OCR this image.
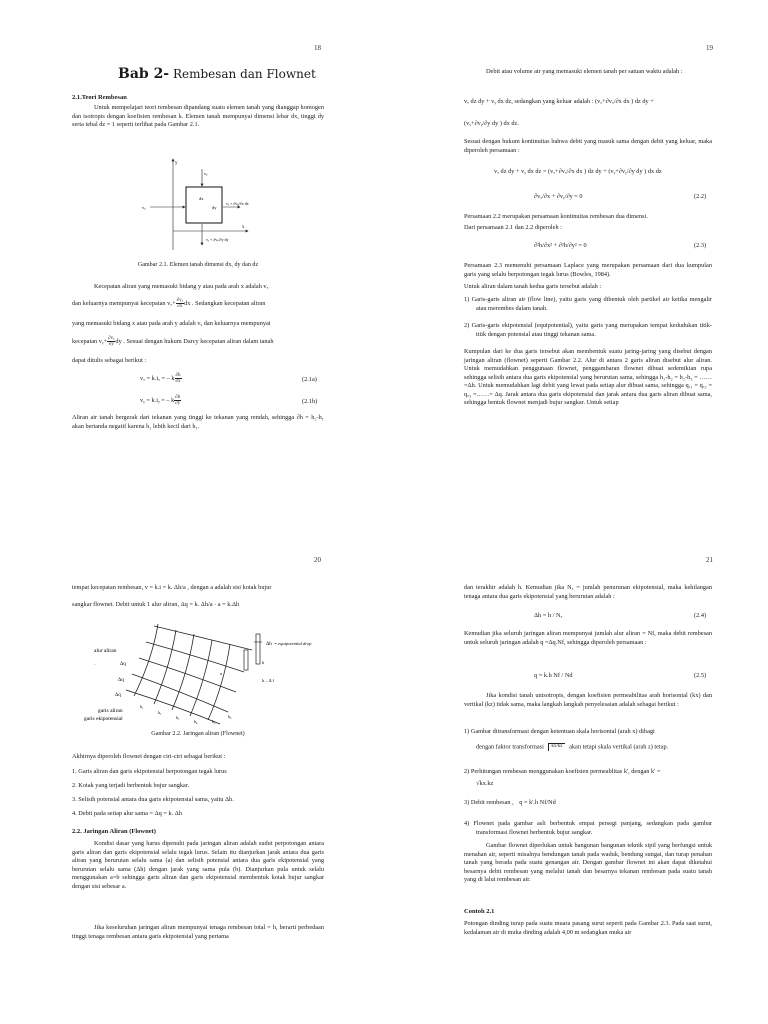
18
Bab 2- Rembesan dan Flownet
2.1.Teori Rembesan
Untuk mempelajari teori rembesan dipandang suatu elemen tanah yang dianggap homogen dan isotropis dengan koefisien rembesan k. Elemen tanah mempunyai dimensi lebar dx, tinggi dy serta tebal dz = 1 seperti terlihat pada Gambar 2.1.
y
vᵧ
vₓ
dx
dy
x
vₓ + ∂vₓ/∂x dx
vᵧ + ∂vᵧ/∂y dy
Gambar 2.1. Elemen tanah dimensi dx, dy dan dz
Kecepatan aliran yang memasuki bidang y atau pada arah x adalah vₓ
dan keluarnya mempunyai kecepatan $v_x+ \frac{\text{∂vₓ}}{\partial x}$ dx . Sedangkan kecepatan aliran
yang memasuki bidang x atau pada arah y adalah vᵧ dan keluarnya mempunyai
kecepatan vᵧ+ $\frac{\text{∂vᵧ}}{\partial y}$ dy . Sesuai dengan hukum Darcy kecepatan aliran dalam tanah
dapat ditulis sebagai berikut :
vₓ = k.iₓ = – k $\frac{\partial h}{\partial x}$	(2.1a)
vᵧ = k.iᵧ = – k $\frac{\partial h}{\partial y}$	(2.1b)
Aliran air tanah bergerak dari tekanan yang tinggi ke tekanan yang rendah, sehingga ∂h = h₂-h₁ akan bertanda negatif karena h₂ lebih kecil dari h₁.
19
Debit atau volume air yang memasuki elemen tanah per satuan waktu adalah :
vₓ dz dy + vᵧ dx dz, sedangkan yang keluar adalah : (vₓ+∂vₓ/∂x dx ) dz dy +
(vᵧ+∂vᵧ/∂y dy ) dx dz.
Sesuai dengan hukum kontinuitas bahwa debit yang masuk sama dengan debit yang keluar, maka diperoleh persamaan :
vₓ dz dy + vᵧ dx dz = (vₓ+∂vₓ/∂x dx ) dz dy + (vᵧ+∂vᵧ/∂y dy ) dx dz
∂vₓ/∂x + ∂vᵧ/∂y = 0	(2.2)
Persamaan 2.2 merupakan persamaan kontinuitas rembesan dua dimensi.
Dari persamaan 2.1 dan 2.2 diperoleh :
∂²h/∂x² + ∂²h/∂y² = 0	(2.3)
Persamaan 2.3 memenuhi persamaan Laplace yang merupakan persamaan dari dua kumpulan garis yang selalu berpotongan tegak lurus (Bowles, 1984).
Untuk aliran dalam tanah kedua garis tersebut adalah :
1) Garis-garis aliran air (flow line), yaitu garis yang dibentuk oleh partikel air ketika mengalir atau merembes dalam tanah.
2) Garis-garis ekipotensial (equipotential), yaitu garis yang merupakan tempat kedudukan titik-titik dengan potensial atau tinggi tekanan sama.
Kumpulan dari ke dua garis tersebut akan membentuk suatu jaring-jaring yang disebut dengan jaringan aliran (flownet) seperti Gambar 2.2. Alur di antara 2 garis aliran disebut alur aliran. Untuk memudahkan penggunaan flownet, penggambaran flownet dibuat sedemikian rupa sehingga selisih antara dua garis ekipotensial yang berurutan sama, sehingga h₁-h₂ = h₂-h₃ = ……=Δh. Untuk memudahkan lagi debit yang lewat pada setiap alur dibuat sama, sehingga qₐ₁ = qₐ₂ = qₐ₃ =……= Δq. Jarak antara dua garis ekipotensial dan jarak antara dua garis aliran dibuat sama, sehingga bentuk flownet menjadi bujur sangkar. Untuk setiap
20
tempat kecepatan rembesan, v = k.i = k. Δh/a , dengan a adalah sisi kotak bujur
sangkar flownet. Debit untuk 1 alur aliran, Δq = k. Δh/a · a = k.Δh
Δh = equipotential drop
alur aliran
Δq
Δq
Δq
·
garis aliran
garis ekipotensial
h
h – Δ f
a
h₁
h₂
h₃
h₄	h₅
h₆
Gambar 2.2. Jaringan aliran (Flownet)
Akhirnya diperoleh flownet dengan ciri-ciri sebagai berikut :
1. Garis aliran dan garis ekipotensial berpotongan tegak lurus
2. Kotak yang terjadi berbentuk bujur sangkar.
3. Selisih potensial antara dua garis ekipotensial sama, yaitu Δh.
4. Debit pada setiap alur sama = Δq = k. Δh
2.2. Jaringan Aliran (Flownet)
Kondisi dasar yang harus dipenuhi pada jaringan aliran adalah sudut perpotongan antara garis aliran dan garis ekipotensial selalu tegak lurus. Selain itu dianjurkan jarak antara dua garis aliran yang berurutan selalu sama (a) dan selisih potensial antara dua garis ekipotensial yang berurutan selalu sama (Δh) dengan jarak yang sama pula (b). Dianjurkan pula untuk selalu menggunakan a=b sehingga garis aliran dan garis ekipotensial membentuk kotak bujur sangkar dengan sisi sebesar a.
Jika keseluruhan jaringan aliran mempunyai tenaga rembesan total = h, berarti perbedaan tinggi tenaga rembesan antara garis ekipotensial yang pertama
21
dan terakhir adalah h. Kemudian jika Nₓ = jumlah penurunan ekipotensial, maka kehilangan tenaga antara dua garis ekipotensial yang berurutan adalah :
Δh = h / Nₓ	(2.4)
Kemudian jika seluruh jaringan aliran mempunyai jumlah alur aliran = Nf, maka debit rembesan untuk seluruh jaringan adalah q =Δq.Nf, sehingga diperoleh persamaan :
q = k.h Nf / Nd	(2.5)
Jika kondisi tanah unisotropis, dengan koefisien permeabilitas arah horisontal (kx) dan vertikal (kz) tidak sama, maka langkah langkah penyelesaian adalah sebagai berikut :
1) Gambar ditransformasi dengan ketentuan skala horisontal (arah x) dibagi
dengan faktor transformasi kx/kz akan tetapi skala vertikal (arah z) tetap.
2) Perhitungan rembesan menggunakan koefisien permeablitas k', dengan k' =
√kx.kz
3) Debit rembesan , q = k'.h Nf/Nd
4) Flownet pada gambar asli berbentuk empat persegi panjang, sedangkan pada gambar transformasi flownet berbentuk bujur sangkar.
Gambar flownet diperlukan untuk bangunan bangunan teknik sipil yang berfungsi untuk menahan air, seperti misalnya bendungan tanah pada waduk, bendung sungai, dan turap penahan tanah yang berada pada suatu genangan air. Dengan gambar flownet ini akan dapat diketahui besarnya debit rembesan yang melalui tanah dan besarnya tekanan rembesan pada suatu tanah yang di lalui rembesan air.
Contoh 2.1
Potongan dinding turap pada suatu muara pasang surut seperti pada Gambar 2.3. Pada saat surut, kedalaman air di muka dinding adalah 4,00 m sedangkan muka air
